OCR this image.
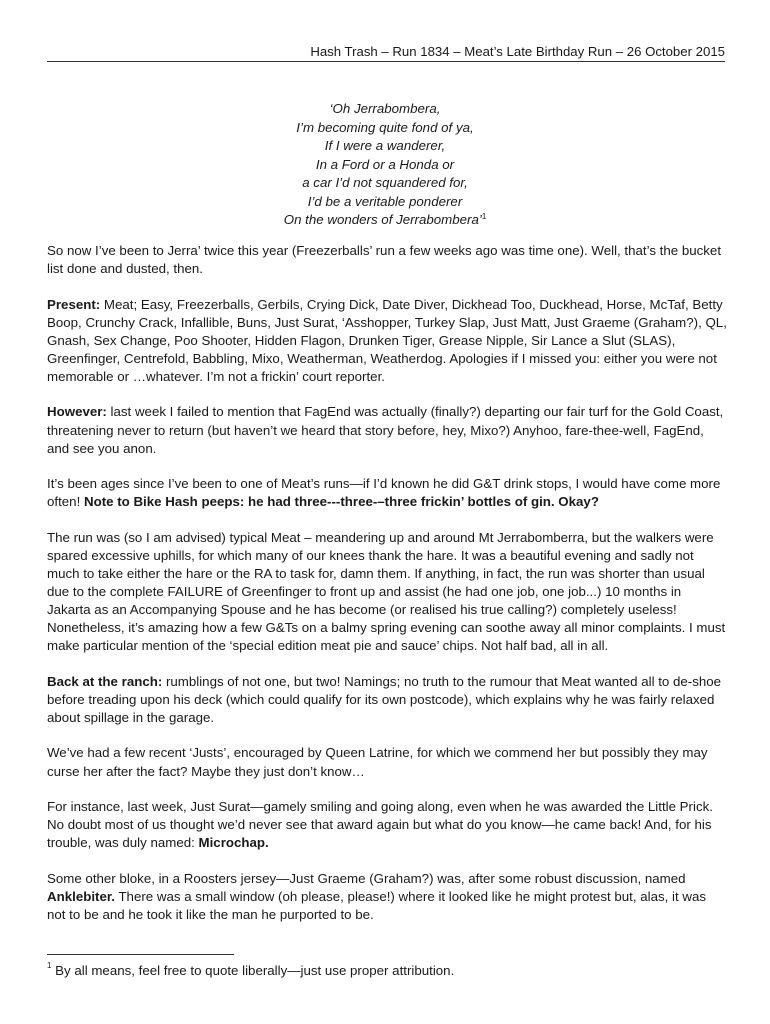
Hash Trash – Run 1834 – Meat’s Late Birthday Run – 26 October 2015
‘Oh Jerrabombera,
I’m becoming quite fond of ya,
If I were a wanderer,
In a Ford or a Honda or
a car I’d not squandered for,
I’d be a veritable ponderer
On the wonders of Jerrabombera’$^1$

So now I’ve been to Jerra’ twice this year (Freezerballs’ run a few weeks ago was time one). Well, that’s the bucket list done and dusted, then.

Present: Meat; Easy, Freezerballs, Gerbils, Crying Dick, Date Diver, Dickhead Too, Duckhead, Horse, McTaf, Betty Boop, Crunchy Crack, Infallible, Buns, Just Surat, ‘Asshopper, Turkey Slap, Just Matt, Just Graeme (Graham?), QL, Gnash, Sex Change, Poo Shooter, Hidden Flagon, Drunken Tiger, Grease Nipple, Sir Lance a Slut (SLAS), Greenfinger, Centrefold, Babbling, Mixo, Weatherman, Weatherdog. Apologies if I missed you: either you were not memorable or …whatever. I’m not a frickin’ court reporter.

However: last week I failed to mention that FagEnd was actually (finally?) departing our fair turf for the Gold Coast, threatening never to return (but haven’t we heard that story before, hey, Mixo?) Anyhoo, fare-thee-well, FagEnd, and see you anon.

It’s been ages since I’ve been to one of Meat’s runs—if I’d known he did G&T drink stops, I would have come more often! Note to Bike Hash peeps: he had three---three-–three frickin’ bottles of gin. Okay?

The run was (so I am advised) typical Meat – meandering up and around Mt Jerrabomberra, but the walkers were spared excessive uphills, for which many of our knees thank the hare. It was a beautiful evening and sadly not much to take either the hare or the RA to task for, damn them. If anything, in fact, the run was shorter than usual due to the complete FAILURE of Greenfinger to front up and assist (he had one job, one job...) 10 months in Jakarta as an Accompanying Spouse and he has become (or realised his true calling?) completely useless! Nonetheless, it’s amazing how a few G&Ts on a balmy spring evening can soothe away all minor complaints. I must make particular mention of the ‘special edition meat pie and sauce’ chips. Not half bad, all in all.

Back at the ranch: rumblings of not one, but two! Namings; no truth to the rumour that Meat wanted all to de-shoe before treading upon his deck (which could qualify for its own postcode), which explains why he was fairly relaxed about spillage in the garage.

We’ve had a few recent ‘Justs’, encouraged by Queen Latrine, for which we commend her but possibly they may curse her after the fact? Maybe they just don’t know…

For instance, last week, Just Surat—gamely smiling and going along, even when he was awarded the Little Prick. No doubt most of us thought we’d never see that award again but what do you know—he came back! And, for his trouble, was duly named: Microchap.

Some other bloke, in a Roosters jersey—Just Graeme (Graham?) was, after some robust discussion, named Anklebiter. There was a small window (oh please, please!) where it looked like he might protest but, alas, it was not to be and he took it like the man he purported to be.

$^1$ By all means, feel free to quote liberally—just use proper attribution.
